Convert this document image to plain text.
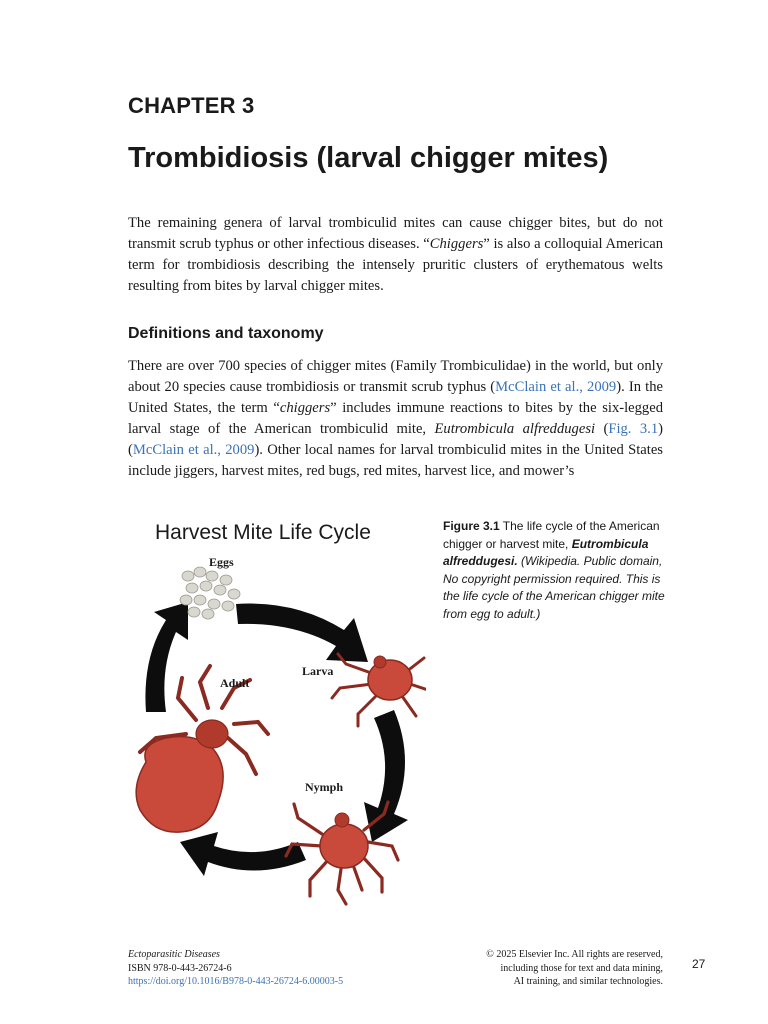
CHAPTER 3
Trombidiosis (larval chigger mites)
The remaining genera of larval trombiculid mites can cause chigger bites, but do not transmit scrub typhus or other infectious diseases. “Chiggers” is also a colloquial American term for trombidiosis describing the intensely pruritic clusters of erythematous welts resulting from bites by larval chigger mites.
Definitions and taxonomy
There are over 700 species of chigger mites (Family Trombiculidae) in the world, but only about 20 species cause trombidiosis or transmit scrub typhus (McClain et al., 2009). In the United States, the term “chiggers” includes immune reactions to bites by the six-legged larval stage of the American trombiculid mite, Eutrombicula alfreddugesi (Fig. 3.1) (McClain et al., 2009). Other local names for larval trombiculid mites in the United States include jiggers, harvest mites, red bugs, red mites, harvest lice, and mower’s
Harvest Mite Life Cycle
Eggs
Larva
Nymph
Adult
Figure 3.1 The life cycle of the American chigger or harvest mite, Eutrombicula alfreddugesi. (Wikipedia. Public domain, No copyright permission required. This is the life cycle of the American chigger mite from egg to adult.)
Ectoparasitic Diseases
ISBN 978-0-443-26724-6
https://doi.org/10.1016/B978-0-443-26724-6.00003-5
© 2025 Elsevier Inc. All rights are reserved,
including those for text and data mining,
AI training, and similar technologies.
27
